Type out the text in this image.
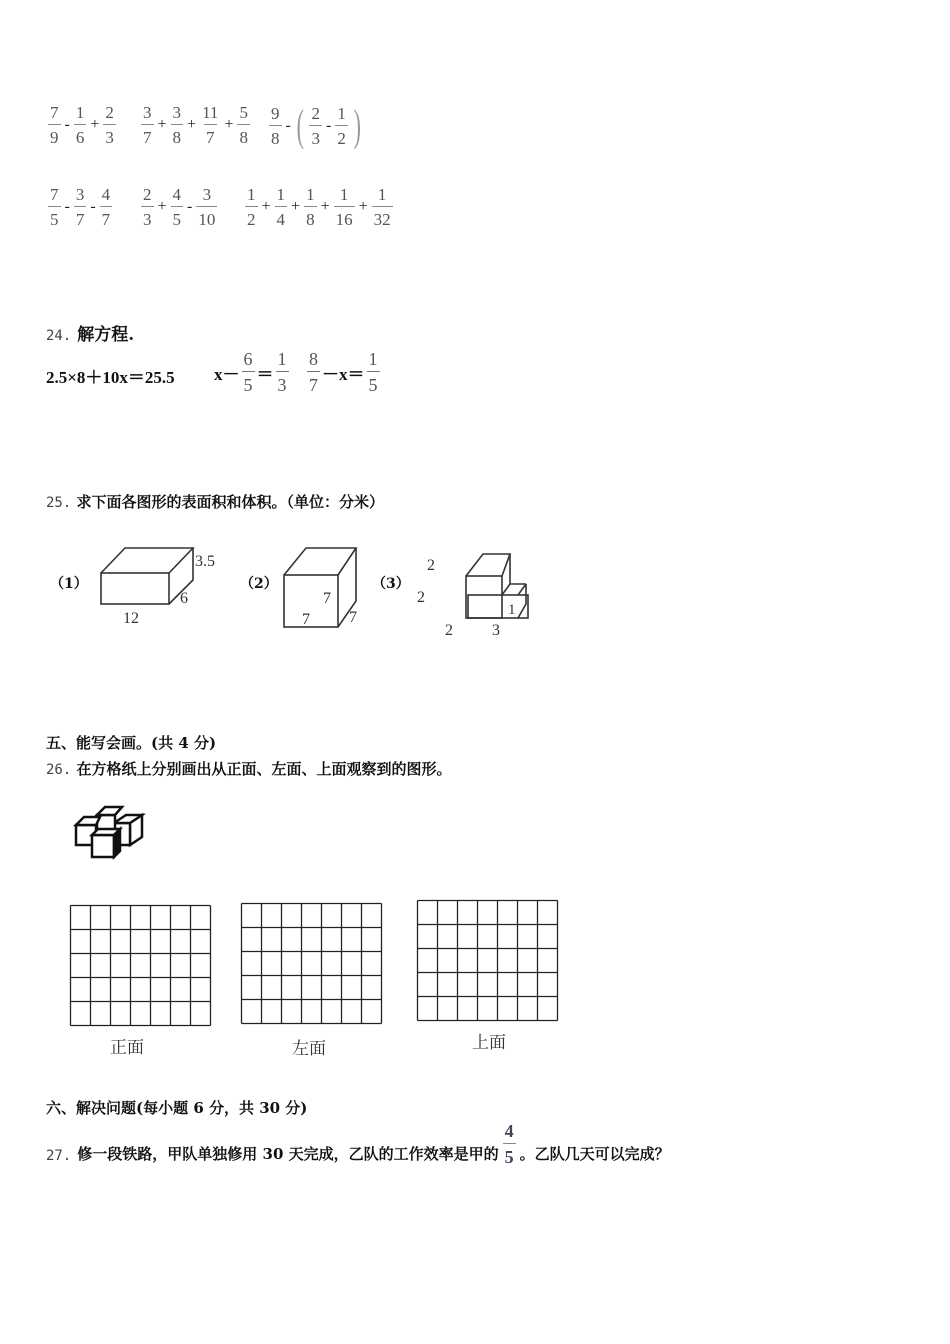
$\frac{7}{9} - \frac{1}{6} + \frac{2}{3} \frac{3}{7} + \frac{3}{8} + \frac{11}{7} + \frac{5}{8} \frac{9}{8}$ - ( $\frac{2}{3} - \frac{1}{2}$ )
$\frac{7}{5} - \frac{3}{7} - \frac{4}{7} \frac{2}{3} + \frac{4}{5} - \frac{3}{10} \frac{1}{2} + \frac{1}{4} + \frac{1}{8} + \frac{1}{16} + \frac{1}{32}$
24. 解方程.
2.5×8＋10x＝25.5 $x- \frac{6}{5} = \frac{1}{3} \frac{8}{7} -x= \frac{1}{5}$
25. 求下面各图形的表面积和体积。（单位：分米）
（1）
3.5
6
12
（2）
7
7 7
（3）
2
2
1
2 3
五、能写会画。(共 4 分)
26. 在方格纸上分别画出从正面、左面、上面观察到的图形。
正面	左面	上面
六、解决问题(每小题 6 分，共 30 分)
27. 修一段铁路，甲队单独修用 30 天完成，乙队的工作效率是甲的 $\frac{4}{5}$ 。乙队几天可以完成？
